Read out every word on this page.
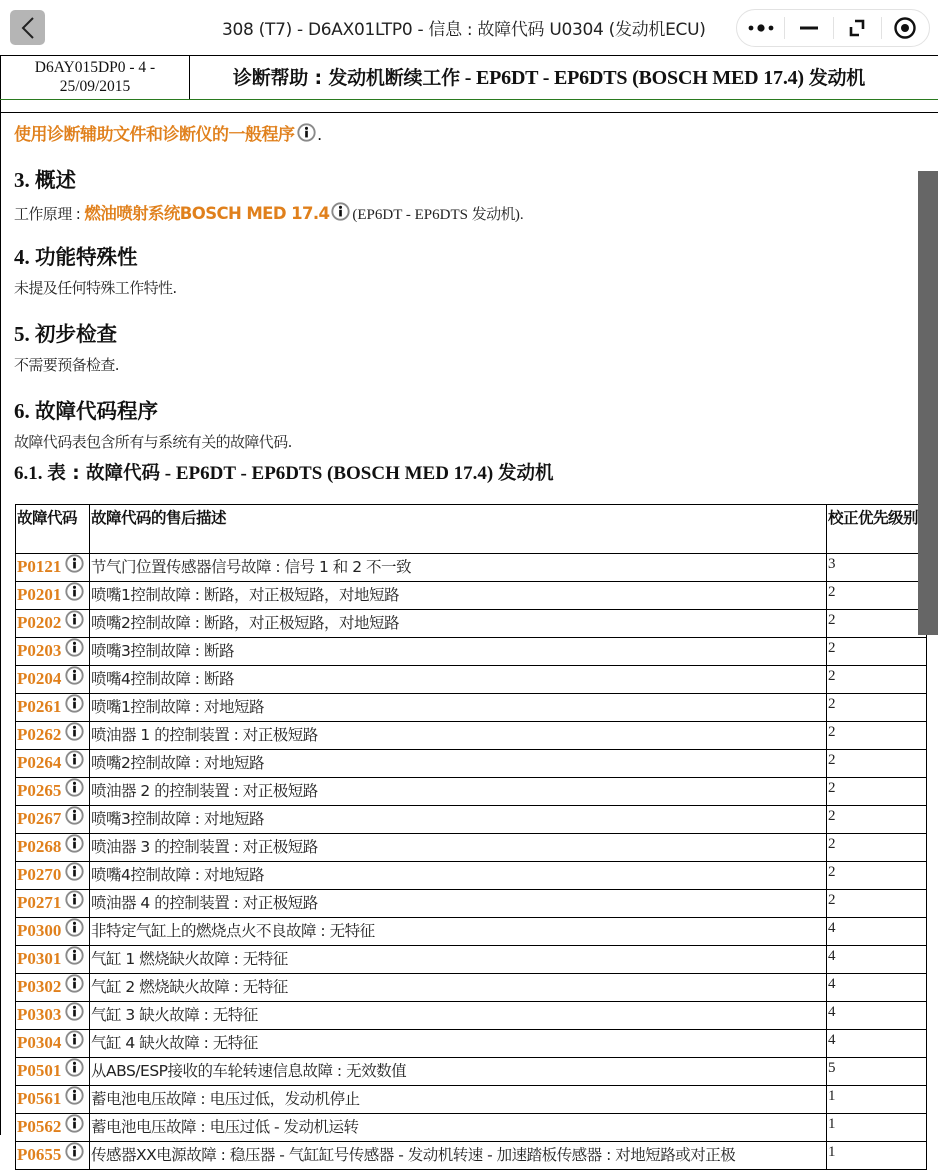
308 (T7) - D6AX01LTP0 - 信息 : 故障代码 U0304 (发动机ECU)
D6AY015DP0 - 4 -
25/09/2015	诊断帮助 : 发动机断续工作 - EP6DT - EP6DTS (BOSCH MED 17.4) 发动机
使用诊断辅助文件和诊断仪的一般程序 .
3. 概述

工作原理 : 燃油喷射系统BOSCH MED 17.4 (EP6DT - EP6DTS 发动机).

4. 功能特殊性

未提及任何特殊工作特性.

5. 初步检查

不需要预备检查.

6. 故障代码程序

故障代码表包含所有与系统有关的故障代码.

6.1. 表 : 故障代码 - EP6DT - EP6DTS (BOSCH MED 17.4) 发动机
故障代码	故障代码的售后描述	校正优先级别
P0121	节气门位置传感器信号故障 : 信号 1 和 2 不一致	3
P0201	喷嘴1控制故障 : 断路，对正极短路，对地短路	2
P0202	喷嘴2控制故障 : 断路，对正极短路，对地短路	2
P0203	喷嘴3控制故障 : 断路	2
P0204	喷嘴4控制故障 : 断路	2
P0261	喷嘴1控制故障 : 对地短路	2
P0262	喷油器 1 的控制装置 : 对正极短路	2
P0264	喷嘴2控制故障 : 对地短路	2
P0265	喷油器 2 的控制装置 : 对正极短路	2
P0267	喷嘴3控制故障 : 对地短路	2
P0268	喷油器 3 的控制装置 : 对正极短路	2
P0270	喷嘴4控制故障 : 对地短路	2
P0271	喷油器 4 的控制装置 : 对正极短路	2
P0300	非特定气缸上的燃烧点火不良故障 : 无特征	4
P0301	气缸 1 燃烧缺火故障 : 无特征	4
P0302	气缸 2 燃烧缺火故障 : 无特征	4
P0303	气缸 3 缺火故障 : 无特征	4
P0304	气缸 4 缺火故障 : 无特征	4
P0501	从ABS/ESP接收的车轮转速信息故障 : 无效数值	5
P0561	蓄电池电压故障 : 电压过低，发动机停止	1
P0562	蓄电池电压故障 : 电压过低 - 发动机运转	1
P0655	传感器XX电源故障 : 稳压器 - 气缸缸号传感器 - 发动机转速 - 加速踏板传感器 : 对地短路或对正极	1
